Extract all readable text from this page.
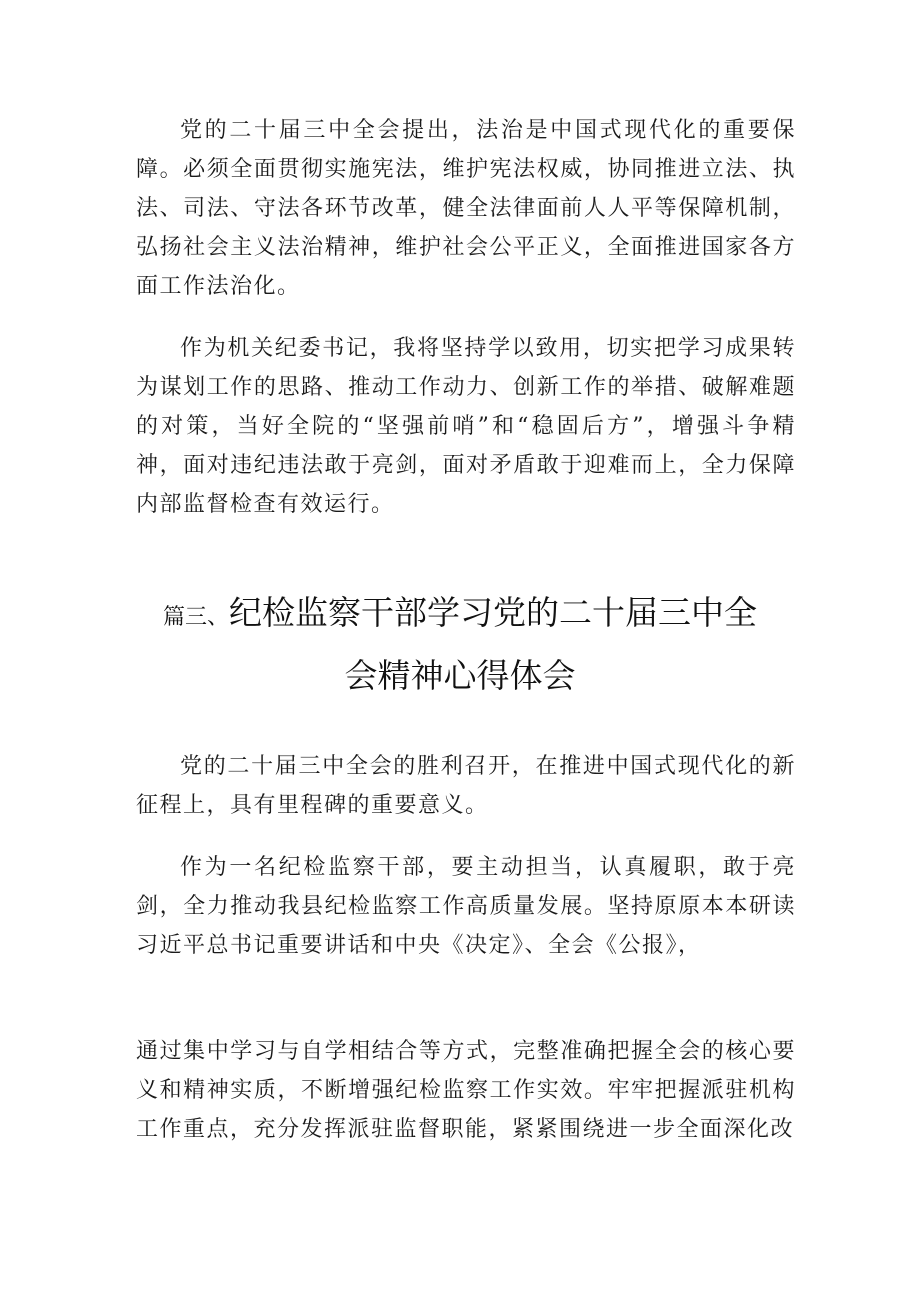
党的二十届三中全会提出，法治是中国式现代化的重要保障。必须全面贯彻实施宪法，维护宪法权威，协同推进立法、执法、司法、守法各环节改革，健全法律面前人人平等保障机制，弘扬社会主义法治精神，维护社会公平正义，全面推进国家各方面工作法治化。

作为机关纪委书记，我将坚持学以致用，切实把学习成果转为谋划工作的思路、推动工作动力、创新工作的举措、破解难题的对策，当好全院的“坚强前哨”和“稳固后方”，增强斗争精神，面对违纪违法敢于亮剑，面对矛盾敢于迎难而上，全力保障内部监督检查有效运行。

篇三、纪检监察干部学习党的二十届三中全
会精神心得体会

党的二十届三中全会的胜利召开，在推进中国式现代化的新征程上，具有里程碑的重要意义。

作为一名纪检监察干部，要主动担当，认真履职，敢于亮剑，全力推动我县纪检监察工作高质量发展。坚持原原本本研读习近平总书记重要讲话和中央《决定》、全会《公报》，

通过集中学习与自学相结合等方式，完整准确把握全会的核心要义和精神实质，不断增强纪检监察工作实效。牢牢把握派驻机构工作重点，充分发挥派驻监督职能，紧紧围绕进一步全面深化改
